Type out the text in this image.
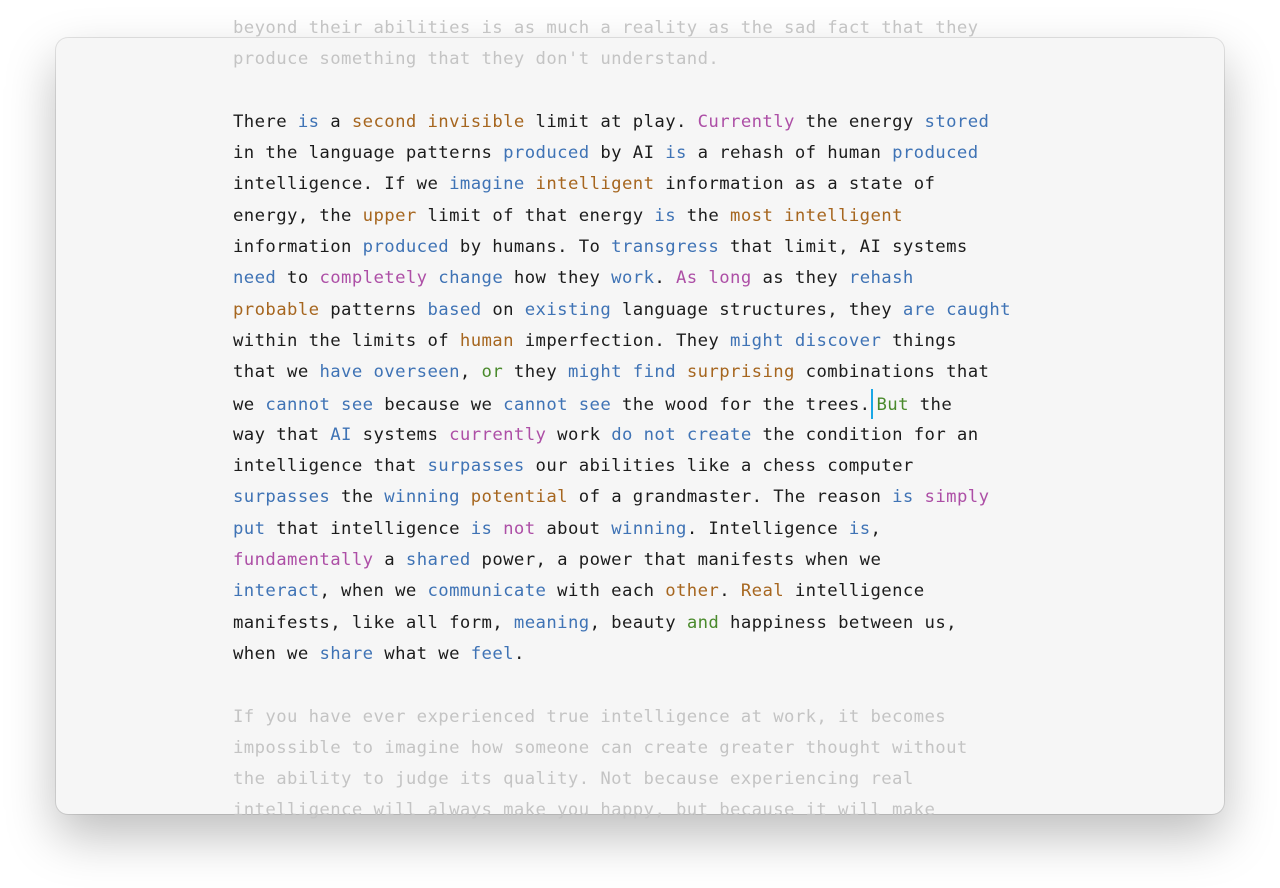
beyond their abilities is as much a reality as the sad fact that they
produce something that they don't understand.
There is a second invisible limit at play. Currently the energy stored
in the language patterns produced by AI is a rehash of human produced
intelligence. If we imagine intelligent information as a state of
energy, the upper limit of that energy is the most intelligent
information produced by humans. To transgress that limit, AI systems
need to completely change how they work. As long as they rehash
probable patterns based on existing language structures, they are caught
within the limits of human imperfection. They might discover things
that we have overseen, or they might find surprising combinations that
we cannot see because we cannot see the wood for the trees. But the
way that AI systems currently work do not create the condition for an
intelligence that surpasses our abilities like a chess computer
surpasses the winning potential of a grandmaster. The reason is simply
put that intelligence is not about winning. Intelligence is,
fundamentally a shared power, a power that manifests when we
interact, when we communicate with each other. Real intelligence
manifests, like all form, meaning, beauty and happiness between us,
when we share what we feel.
If you have ever experienced true intelligence at work, it becomes
impossible to imagine how someone can create greater thought without
the ability to judge its quality. Not because experiencing real
intelligence will always make you happy, but because it will make
